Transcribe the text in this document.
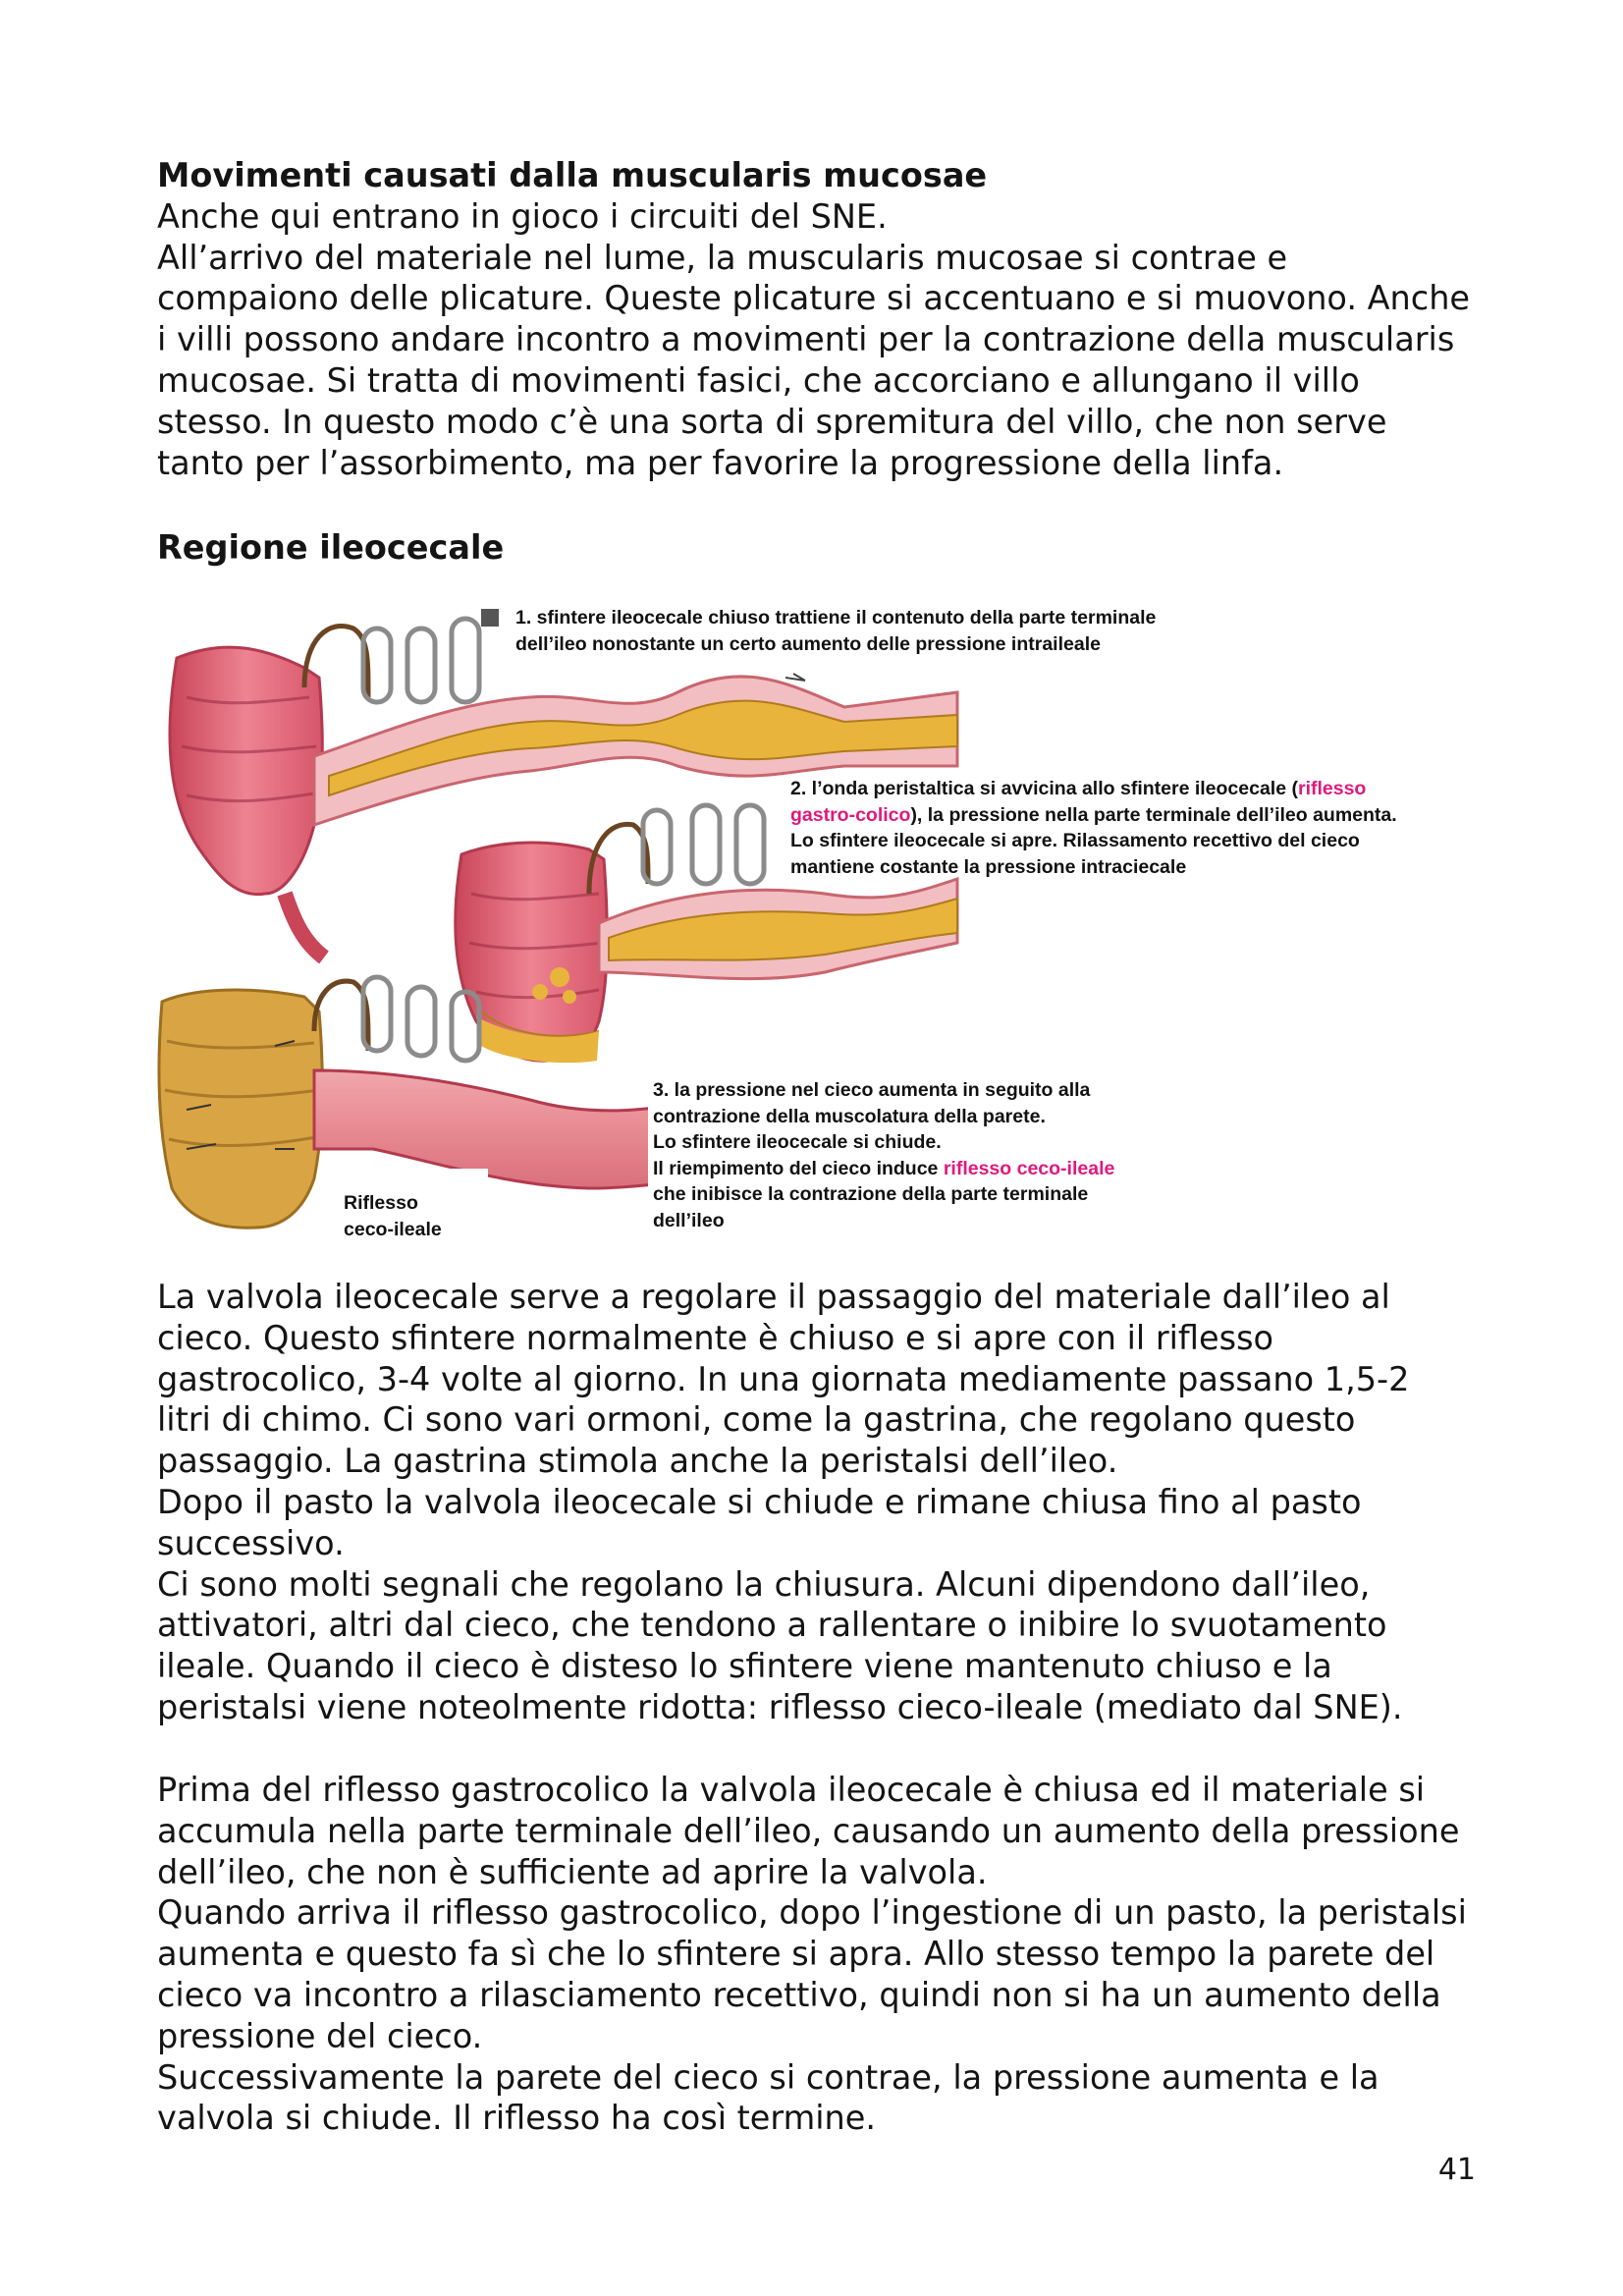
Movimenti causati dalla muscularis mucosae
Anche qui entrano in gioco i circuiti del SNE.
All’arrivo del materiale nel lume, la muscularis mucosae si contrae e
compaiono delle plicature. Queste plicature si accentuano e si muovono. Anche
i villi possono andare incontro a movimenti per la contrazione della muscularis
mucosae. Si tratta di movimenti fasici, che accorciano e allungano il villo
stesso. In questo modo c’è una sorta di spremitura del villo, che non serve
tanto per l’assorbimento, ma per favorire la progressione della linfa.
Regione ileocecale
1. sfintere ileocecale chiuso trattiene il contenuto della parte terminale
dell’ileo nonostante un certo aumento delle pressione intraileale
2. l’onda peristaltica si avvicina allo sfintere ileocecale (riflesso
gastro-colico), la pressione nella parte terminale dell’ileo aumenta.
Lo sfintere ileocecale si apre. Rilassamento recettivo del cieco
mantiene costante la pressione intraciecale
3. la pressione nel cieco aumenta in seguito alla
contrazione della muscolatura della parete.
Lo sfintere ileocecale si chiude.
Il riempimento del cieco induce riflesso ceco-ileale
che inibisce la contrazione della parte terminale
dell’ileo
Riflesso
ceco-ileale
La valvola ileocecale serve a regolare il passaggio del materiale dall’ileo al
cieco. Questo sfintere normalmente è chiuso e si apre con il riflesso
gastrocolico, 3-4 volte al giorno. In una giornata mediamente passano 1,5-2
litri di chimo. Ci sono vari ormoni, come la gastrina, che regolano questo
passaggio. La gastrina stimola anche la peristalsi dell’ileo.
Dopo il pasto la valvola ileocecale si chiude e rimane chiusa fino al pasto
successivo.
Ci sono molti segnali che regolano la chiusura. Alcuni dipendono dall’ileo,
attivatori, altri dal cieco, che tendono a rallentare o inibire lo svuotamento
ileale. Quando il cieco è disteso lo sfintere viene mantenuto chiuso e la
peristalsi viene noteolmente ridotta: riflesso cieco-ileale (mediato dal SNE).
Prima del riflesso gastrocolico la valvola ileocecale è chiusa ed il materiale si
accumula nella parte terminale dell’ileo, causando un aumento della pressione
dell’ileo, che non è sufficiente ad aprire la valvola.
Quando arriva il riflesso gastrocolico, dopo l’ingestione di un pasto, la peristalsi
aumenta e questo fa sì che lo sfintere si apra. Allo stesso tempo la parete del
cieco va incontro a rilasciamento recettivo, quindi non si ha un aumento della
pressione del cieco.
Successivamente la parete del cieco si contrae, la pressione aumenta e la
valvola si chiude. Il riflesso ha così termine.
41
